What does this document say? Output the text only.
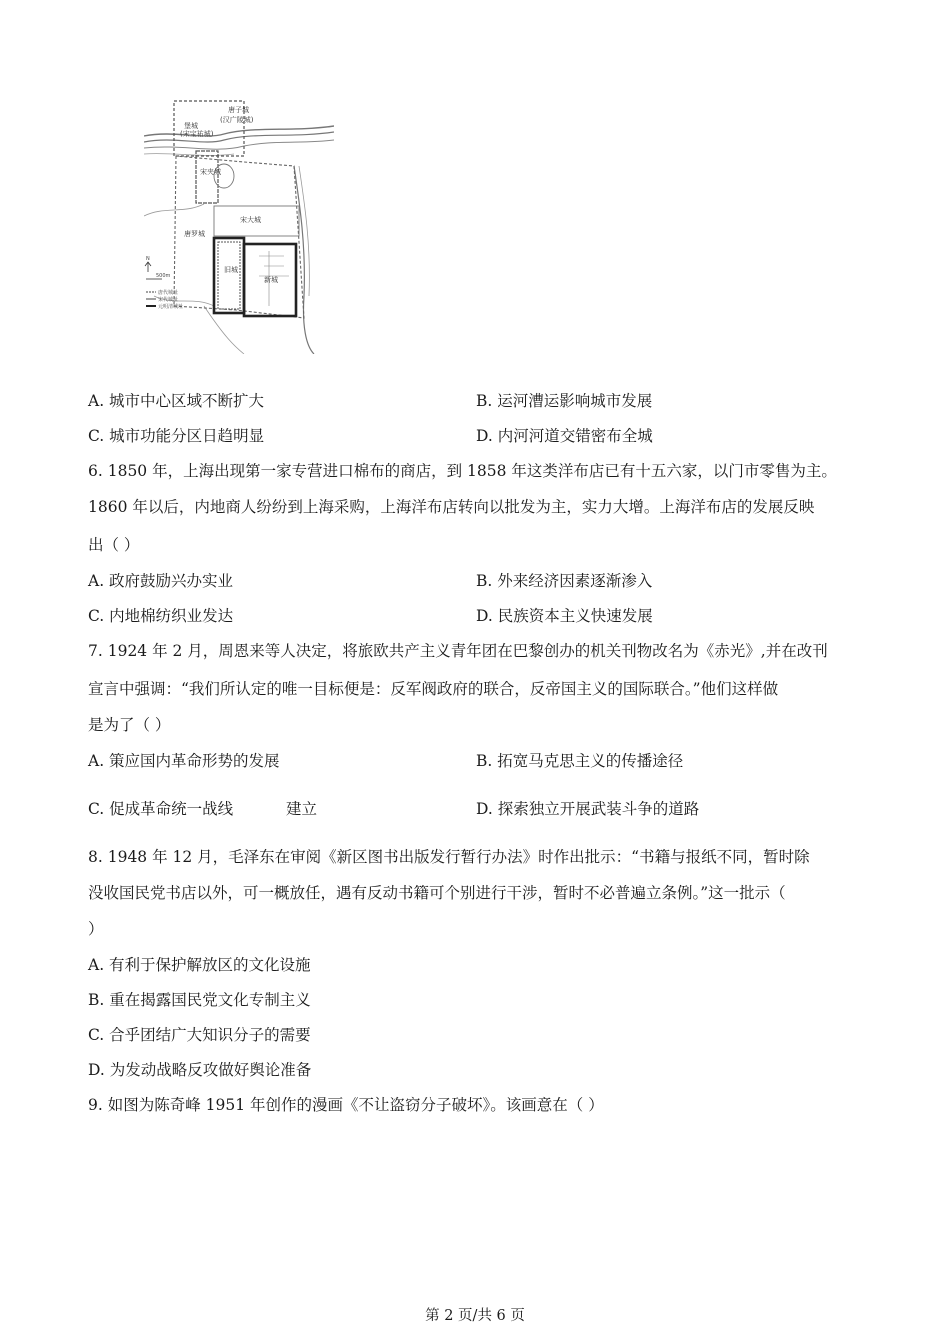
唐子城
(汉广陵城)
堡城
(宋宝祐城)
宋夹城
宋大城
唐罗城
旧城
新城
N
500m
唐代城址
宋代城址
元明清城址
A. 城市中心区域不断扩大	B. 运河漕运影响城市发展
C. 城市功能分区日趋明显	D. 内河河道交错密布全城
6. 1850 年，上海出现第一家专营进口棉布的商店，到 1858 年这类洋布店已有十五六家，以门市零售为主。
1860 年以后，内地商人纷纷到上海采购，上海洋布店转向以批发为主，实力大增。上海洋布店的发展反映
出（ ）
A. 政府鼓励兴办实业	B. 外来经济因素逐渐渗入
C. 内地棉纺织业发达	D. 民族资本主义快速发展
7. 1924 年 2 月，周恩来等人决定，将旅欧共产主义青年团在巴黎创办的机关刊物改名为《赤光》,并在改刊
宣言中强调：“我们所认定的唯一目标便是：反军阀政府的联合，反帝国主义的国际联合。”他们这样做
是为了（ ）
A. 策应国内革命形势的发展	B. 拓宽马克思主义的传播途径
C. 促成革命统一战线	建立	D. 探索独立开展武装斗争的道路
8. 1948 年 12 月，毛泽东在审阅《新区图书出版发行暂行办法》时作出批示：“书籍与报纸不同，暂时除
没收国民党书店以外，可一概放任，遇有反动书籍可个别进行干涉，暂时不必普遍立条例。”这一批示（
）
A. 有利于保护解放区的文化设施
B. 重在揭露国民党文化专制主义
C. 合乎团结广大知识分子的需要
D. 为发动战略反攻做好舆论准备
9. 如图为陈奇峰 1951 年创作的漫画《不让盗窃分子破坏》。该画意在（ ）
第 2 页/共 6 页
